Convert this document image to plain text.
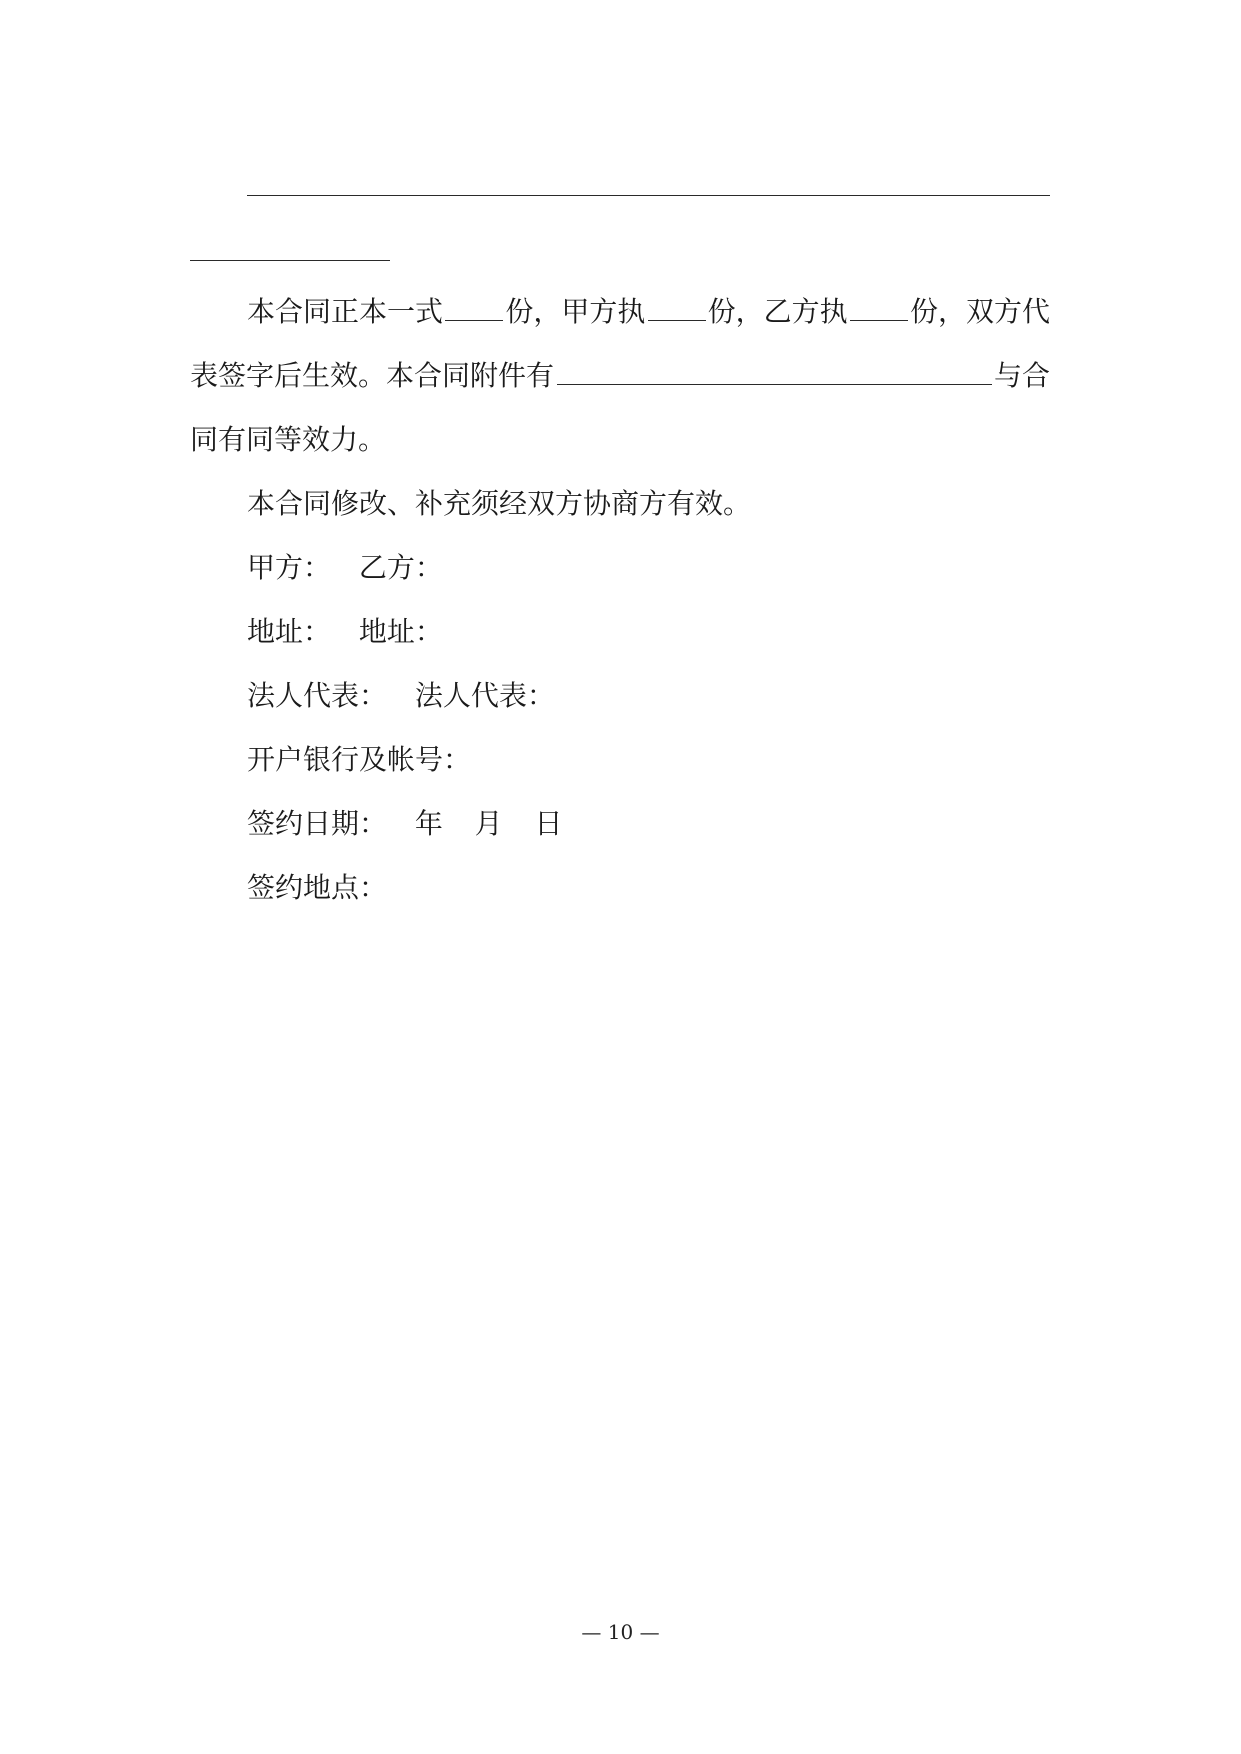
本合同正本一式 份，甲方执 份，乙方执 份，双方代
表签字后生效。本合同附件有	与合
同有同等效力。
本合同修改、补充须经双方协商方有效。
甲方： 乙方：
地址： 地址：
法人代表： 法人代表：
开户银行及帐号：
签约日期： 年 月 日
签约地点：
— 10 —
